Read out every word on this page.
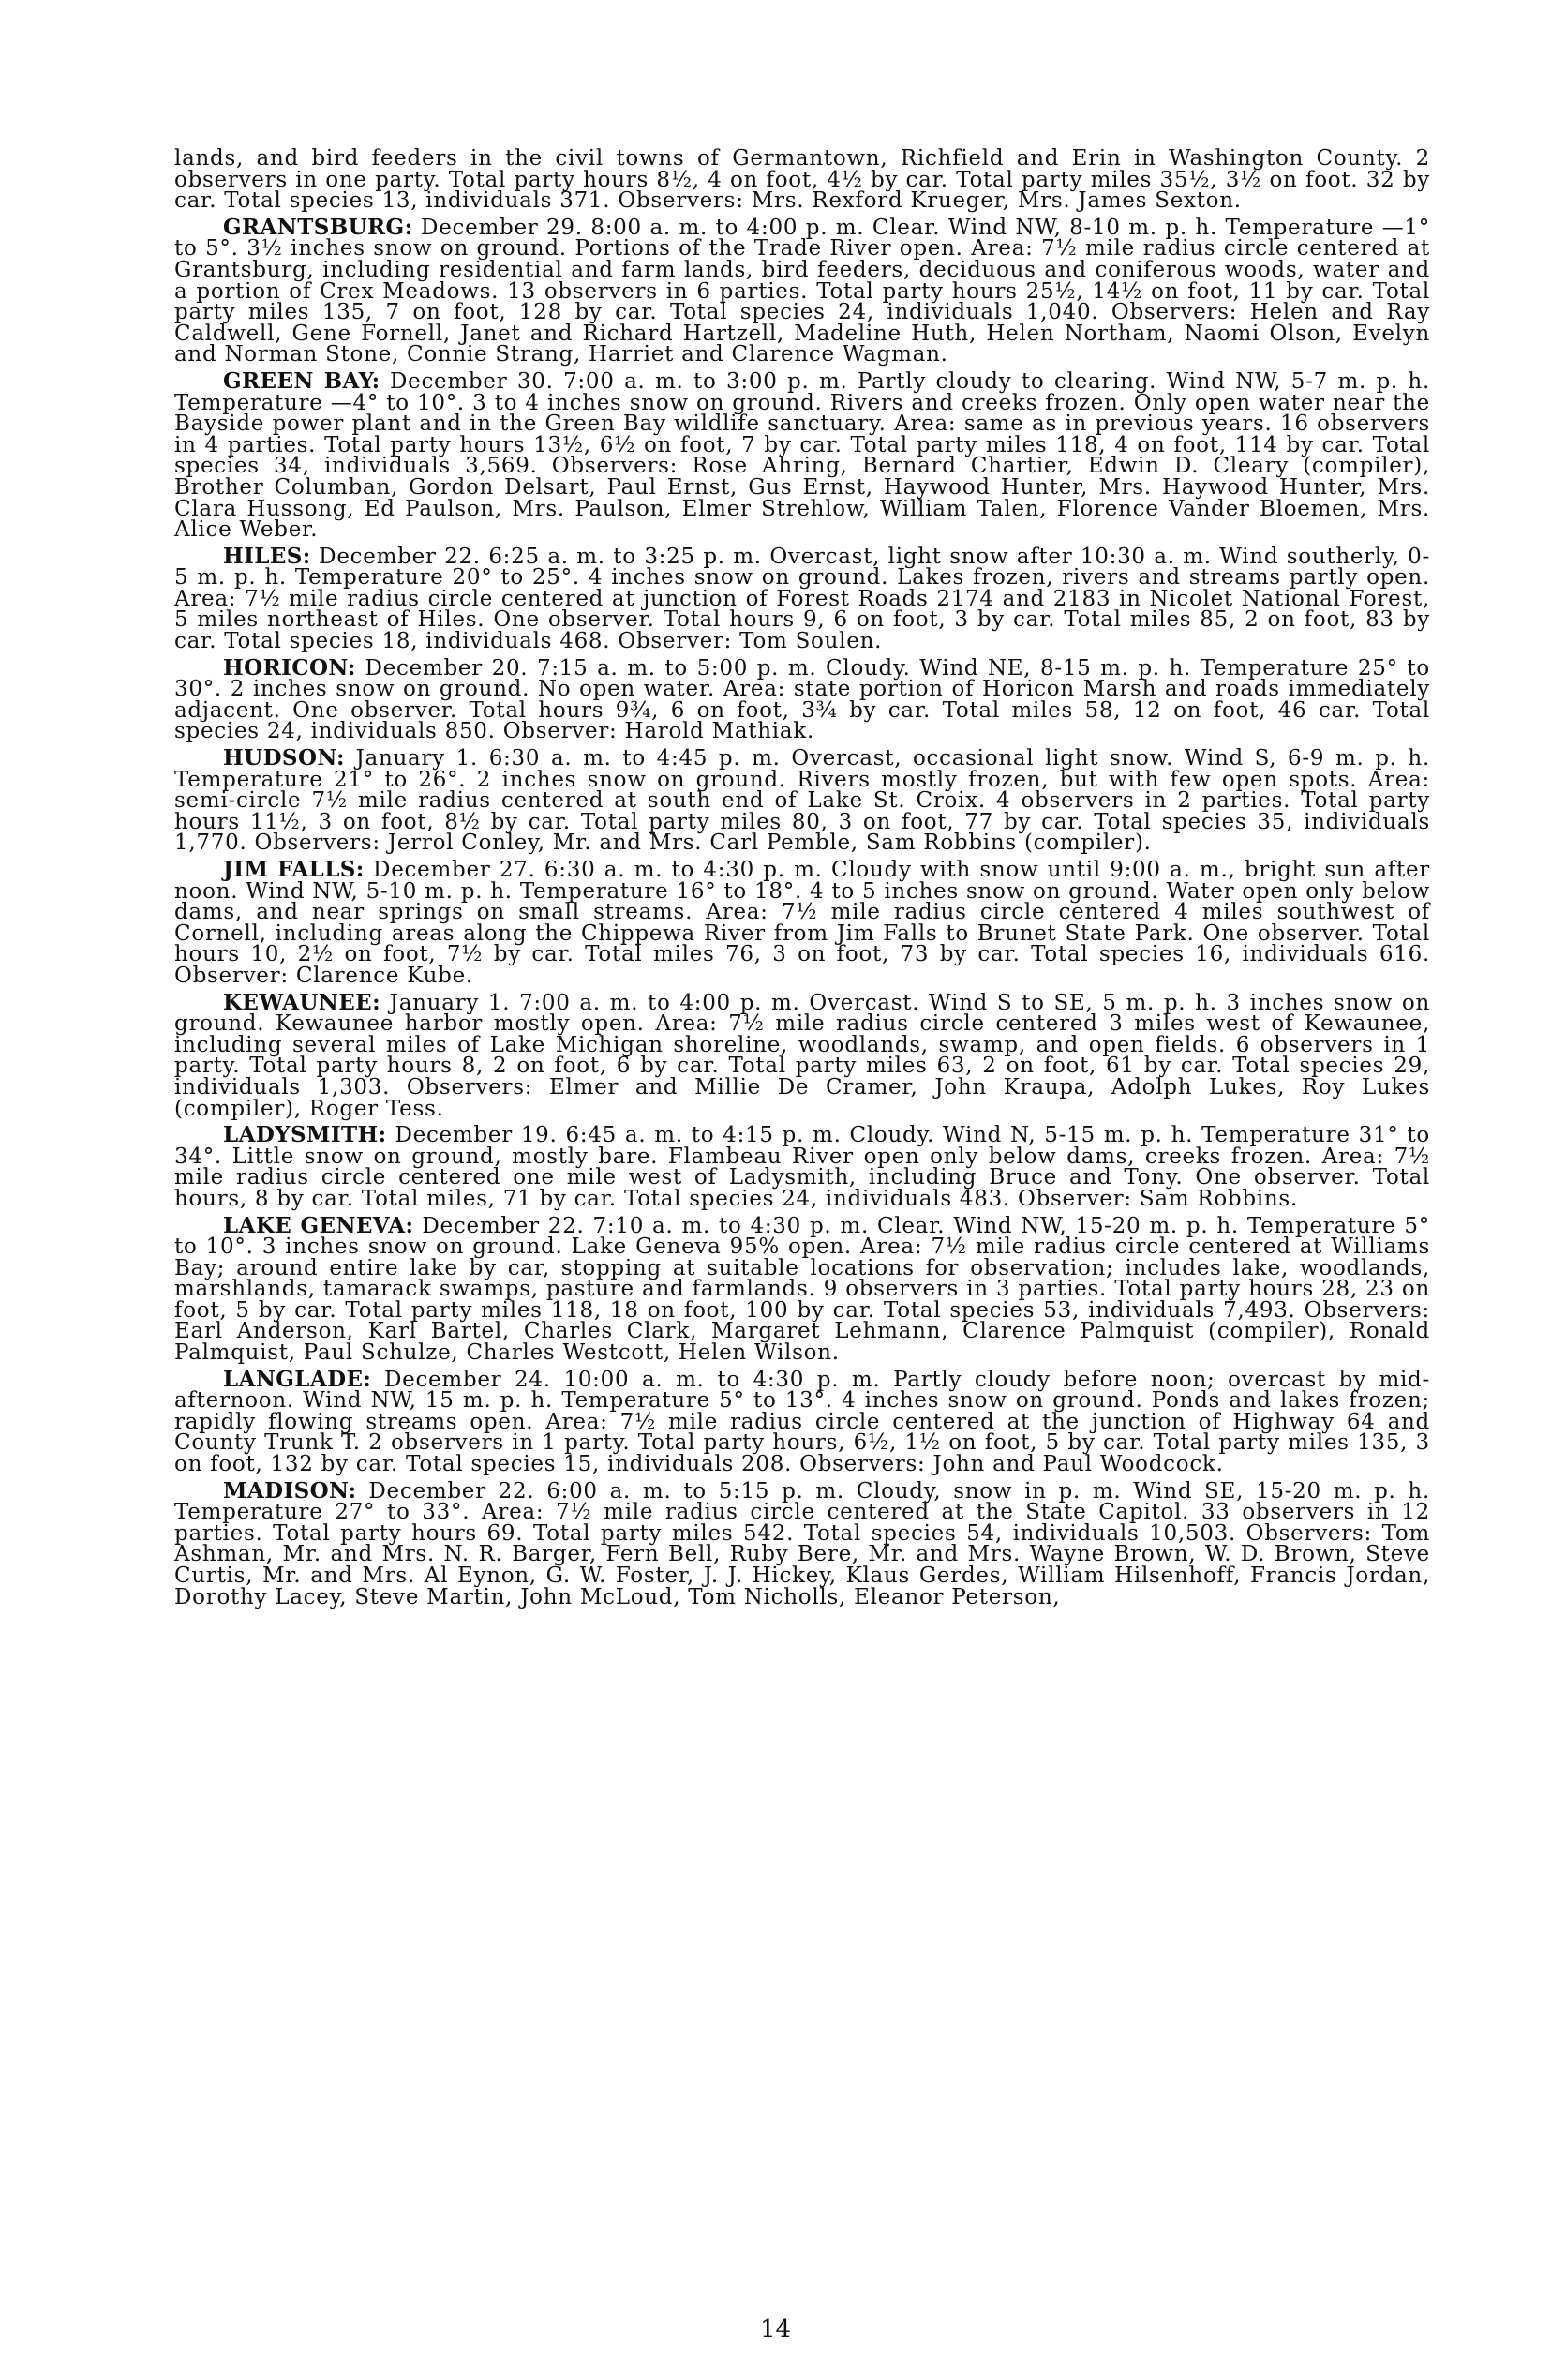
lands, and bird feeders in the civil towns of Germantown, Richfield and Erin in Washington County. 2 observers in one party. Total party hours 8½, 4 on foot, 4½ by car. Total party miles 35½, 3½ on foot. 32 by car. Total species 13, individuals 371. Observers: Mrs. Rexford Krueger, Mrs. James Sexton.

GRANTSBURG: December 29. 8:00 a. m. to 4:00 p. m. Clear. Wind NW, 8-10 m. p. h. Temperature —1° to 5°. 3½ inches snow on ground. Portions of the Trade River open. Area: 7½ mile radius circle centered at Grantsburg, including residential and farm lands, bird feeders, deciduous and coniferous woods, water and a portion of Crex Meadows. 13 observers in 6 parties. Total party hours 25½, 14½ on foot, 11 by car. Total party miles 135, 7 on foot, 128 by car. Total species 24, individuals 1,040. Observers: Helen and Ray Caldwell, Gene Fornell, Janet and Richard Hartzell, Madeline Huth, Helen Northam, Naomi Olson, Evelyn and Norman Stone, Connie Strang, Harriet and Clarence Wagman.

GREEN BAY: December 30. 7:00 a. m. to 3:00 p. m. Partly cloudy to clearing. Wind NW, 5-7 m. p. h. Temperature —4° to 10°. 3 to 4 inches snow on ground. Rivers and creeks frozen. Only open water near the Bayside power plant and in the Green Bay wildlife sanctuary. Area: same as in previous years. 16 observers in 4 parties. Total party hours 13½, 6½ on foot, 7 by car. Total party miles 118, 4 on foot, 114 by car. Total species 34, individuals 3,569. Observers: Rose Ahring, Bernard Chartier, Edwin D. Cleary (compiler), Brother Columban, Gordon Delsart, Paul Ernst, Gus Ernst, Haywood Hunter, Mrs. Haywood Hunter, Mrs. Clara Hussong, Ed Paulson, Mrs. Paulson, Elmer Strehlow, William Talen, Florence Vander Bloemen, Mrs. Alice Weber.

HILES: December 22. 6:25 a. m. to 3:25 p. m. Overcast, light snow after 10:30 a. m. Wind southerly, 0-5 m. p. h. Temperature 20° to 25°. 4 inches snow on ground. Lakes frozen, rivers and streams partly open. Area: 7½ mile radius circle centered at junction of Forest Roads 2174 and 2183 in Nicolet National Forest, 5 miles northeast of Hiles. One observer. Total hours 9, 6 on foot, 3 by car. Total miles 85, 2 on foot, 83 by car. Total species 18, individuals 468. Observer: Tom Soulen.

HORICON: December 20. 7:15 a. m. to 5:00 p. m. Cloudy. Wind NE, 8-15 m. p. h. Temperature 25° to 30°. 2 inches snow on ground. No open water. Area: state portion of Horicon Marsh and roads immediately adjacent. One observer. Total hours 9¾, 6 on foot, 3¾ by car. Total miles 58, 12 on foot, 46 car. Total species 24, individuals 850. Observer: Harold Mathiak.

HUDSON: January 1. 6:30 a. m. to 4:45 p. m. Overcast, occasional light snow. Wind S, 6-9 m. p. h. Temperature 21° to 26°. 2 inches snow on ground. Rivers mostly frozen, but with few open spots. Area: semi-circle 7½ mile radius centered at south end of Lake St. Croix. 4 observers in 2 parties. Total party hours 11½, 3 on foot, 8½ by car. Total party miles 80, 3 on foot, 77 by car. Total species 35, individuals 1,770. Observers: Jerrol Conley, Mr. and Mrs. Carl Pemble, Sam Robbins (compiler).

JIM FALLS: December 27. 6:30 a. m. to 4:30 p. m. Cloudy with snow until 9:00 a. m., bright sun after noon. Wind NW, 5-10 m. p. h. Temperature 16° to 18°. 4 to 5 inches snow on ground. Water open only below dams, and near springs on small streams. Area: 7½ mile radius circle centered 4 miles southwest of Cornell, including areas along the Chippewa River from Jim Falls to Brunet State Park. One observer. Total hours 10, 2½ on foot, 7½ by car. Total miles 76, 3 on foot, 73 by car. Total species 16, individuals 616. Observer: Clarence Kube.

KEWAUNEE: January 1. 7:00 a. m. to 4:00 p. m. Overcast. Wind S to SE, 5 m. p. h. 3 inches snow on ground. Kewaunee harbor mostly open. Area: 7½ mile radius circle centered 3 miles west of Kewaunee, including several miles of Lake Michigan shoreline, woodlands, swamp, and open fields. 6 observers in 1 party. Total party hours 8, 2 on foot, 6 by car. Total party miles 63, 2 on foot, 61 by car. Total species 29, individuals 1,303. Observers: Elmer and Millie De Cramer, John Kraupa, Adolph Lukes, Roy Lukes (compiler), Roger Tess.

LADYSMITH: December 19. 6:45 a. m. to 4:15 p. m. Cloudy. Wind N, 5-15 m. p. h. Temperature 31° to 34°. Little snow on ground, mostly bare. Flambeau River open only below dams, creeks frozen. Area: 7½ mile radius circle centered one mile west of Ladysmith, including Bruce and Tony. One observer. Total hours, 8 by car. Total miles, 71 by car. Total species 24, individuals 483. Observer: Sam Robbins.

LAKE GENEVA: December 22. 7:10 a. m. to 4:30 p. m. Clear. Wind NW, 15-20 m. p. h. Temperature 5° to 10°. 3 inches snow on ground. Lake Geneva 95% open. Area: 7½ mile radius circle centered at Williams Bay; around entire lake by car, stopping at suitable locations for observation; includes lake, woodlands, marshlands, tamarack swamps, pasture and farmlands. 9 observers in 3 parties. Total party hours 28, 23 on foot, 5 by car. Total party miles 118, 18 on foot, 100 by car. Total species 53, individuals 7,493. Observers: Earl Anderson, Karl Bartel, Charles Clark, Margaret Lehmann, Clarence Palmquist (compiler), Ronald Palmquist, Paul Schulze, Charles Westcott, Helen Wilson.

LANGLADE: December 24. 10:00 a. m. to 4:30 p. m. Partly cloudy before noon; overcast by mid-afternoon. Wind NW, 15 m. p. h. Temperature 5° to 13°. 4 inches snow on ground. Ponds and lakes frozen; rapidly flowing streams open. Area: 7½ mile radius circle centered at the junction of Highway 64 and County Trunk T. 2 observers in 1 party. Total party hours, 6½, 1½ on foot, 5 by car. Total party miles 135, 3 on foot, 132 by car. Total species 15, individuals 208. Observers: John and Paul Woodcock.

MADISON: December 22. 6:00 a. m. to 5:15 p. m. Cloudy, snow in p. m. Wind SE, 15-20 m. p. h. Temperature 27° to 33°. Area: 7½ mile radius circle centered at the State Capitol. 33 observers in 12 parties. Total party hours 69. Total party miles 542. Total species 54, individuals 10,503. Observers: Tom Ashman, Mr. and Mrs. N. R. Barger, Fern Bell, Ruby Bere, Mr. and Mrs. Wayne Brown, W. D. Brown, Steve Curtis, Mr. and Mrs. Al Eynon, G. W. Foster, J. J. Hickey, Klaus Gerdes, William Hilsenhoff, Francis Jordan, Dorothy Lacey, Steve Martin, John McLoud, Tom Nicholls, Eleanor Peterson,

14
